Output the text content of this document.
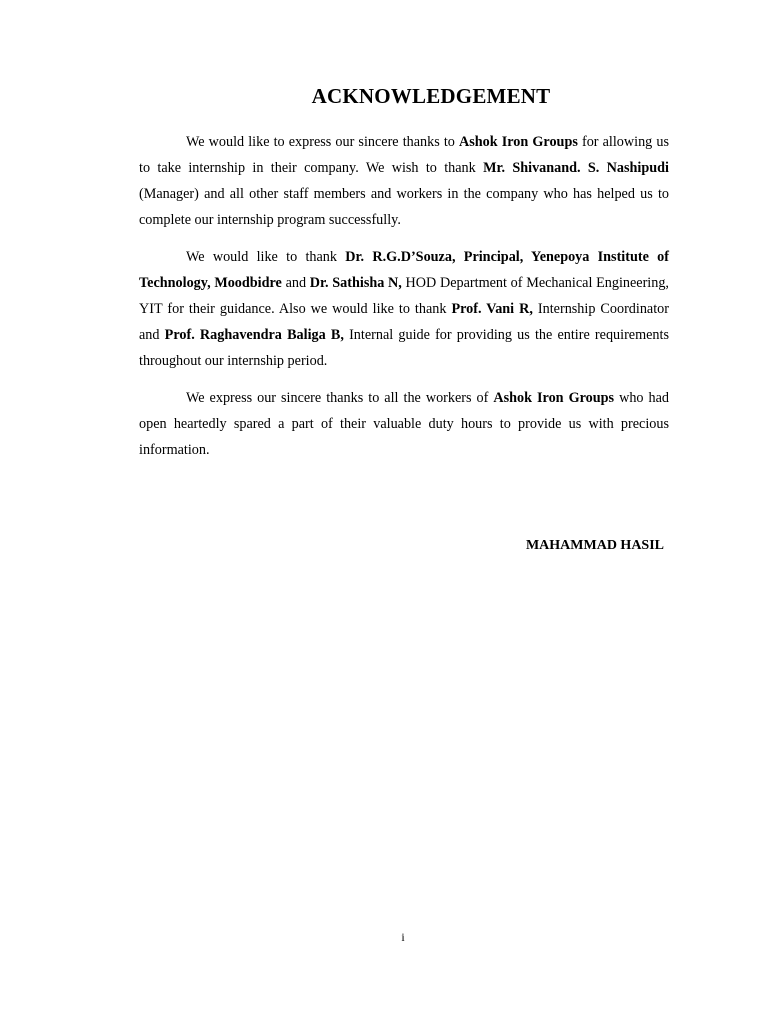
ACKNOWLEDGEMENT

We would like to express our sincere thanks to Ashok Iron Groups for allowing us to take internship in their company. We wish to thank Mr. Shivanand. S. Nashipudi (Manager) and all other staff members and workers in the company who has helped us to complete our internship program successfully.

We would like to thank Dr. R.G.D’Souza, Principal, Yenepoya Institute of Technology, Moodbidre and Dr. Sathisha N, HOD Department of Mechanical Engineering, YIT for their guidance. Also we would like to thank Prof. Vani R, Internship Coordinator and Prof. Raghavendra Baliga B, Internal guide for providing us the entire requirements throughout our internship period.

We express our sincere thanks to all the workers of Ashok Iron Groups who had open heartedly spared a part of their valuable duty hours to provide us with precious information.

MAHAMMAD HASIL
i
